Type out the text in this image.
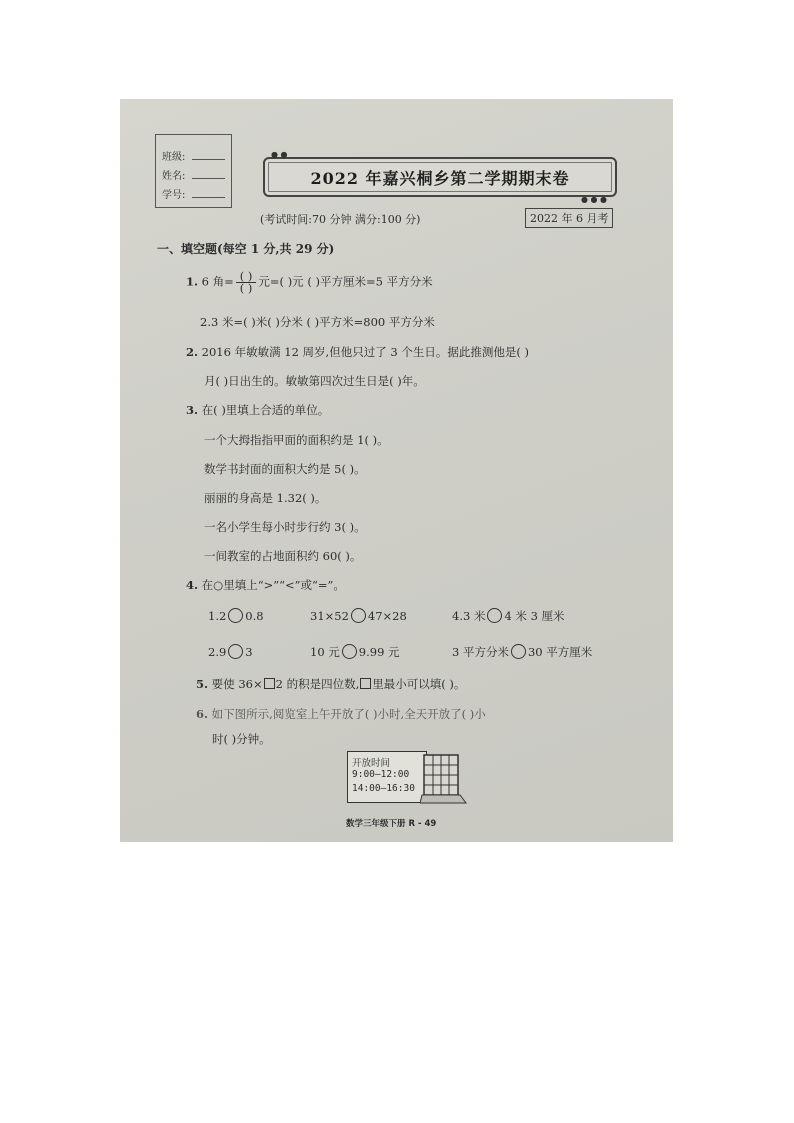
班级:
姓名:
学号:
● ●
2022 年嘉兴桐乡第二学期期末卷
● ● ●
(考试时间:70 分钟 满分:100 分)	2022 年 6 月考
一、填空题(每空 1 分,共 29 分)
1. 6 角= $\frac{( )}{( )}$ 元=( )元 ( )平方厘米=5 平方分米
2.3 米=( )米( )分米 ( )平方米=800 平方分米
2. 2016 年敏敏满 12 周岁,但他只过了 3 个生日。据此推测他是( )
月( )日出生的。敏敏第四次过生日是( )年。
3. 在( )里填上合适的单位。
一个大拇指指甲面的面积约是 1( )。
数学书封面的面积大约是 5( )。
丽丽的身高是 1.32( )。
一名小学生每小时步行约 3( )。
一间教室的占地面积约 60( )。
4. 在○里填上“>”“<”或“=”。
1.2 0.8	31×52 47×28	4.3 米 4 米 3 厘米
2.9 3	10 元 9.99 元	3 平方分米 30 平方厘米
5. 要使 36× 2 的积是四位数, 里最小可以填( )。
6. 如下图所示,阅览室上午开放了( )小时,全天开放了( )小
时( )分钟。
开放时间
9:00—12:00
14:00—16:30
数学三年级下册 R - 49
